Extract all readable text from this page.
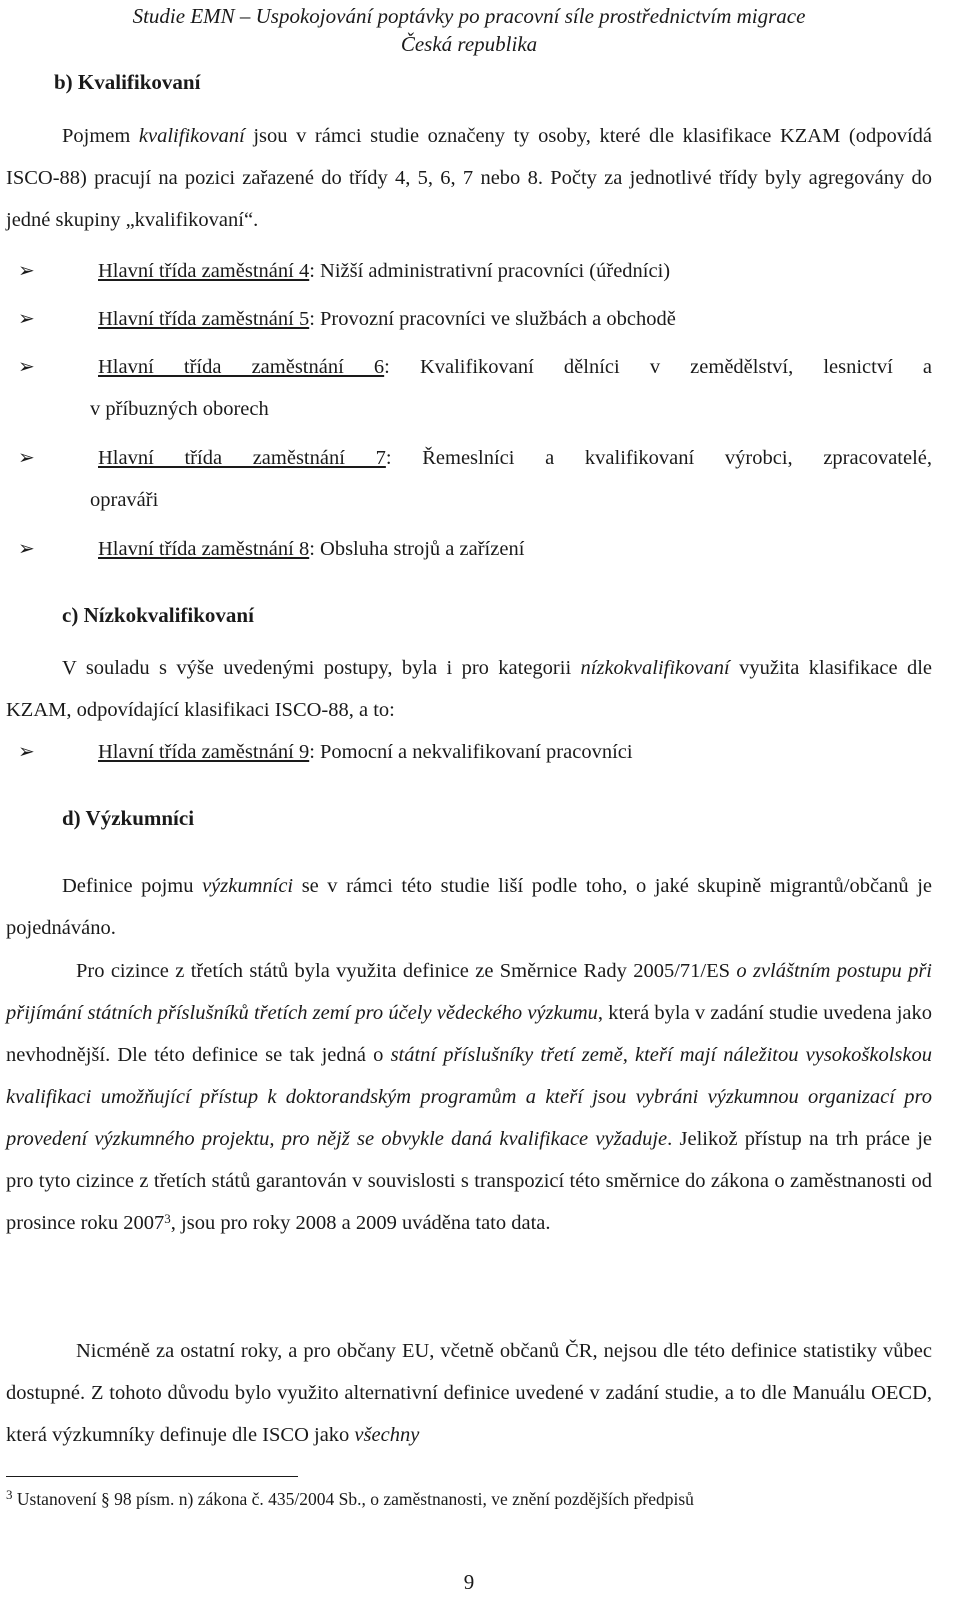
Studie EMN – Uspokojování poptávky po pracovní síle prostřednictvím migrace
Česká republika
b) Kvalifikovaní

Pojmem kvalifikovaní jsou v rámci studie označeny ty osoby, které dle klasifikace KZAM (odpovídá ISCO-88) pracují na pozici zařazené do třídy 4, 5, 6, 7 nebo 8. Počty za jednotlivé třídy byly agregovány do jedné skupiny „kvalifikovaní“.

➢	Hlavní třída zaměstnání 4: Nižší administrativní pracovníci (úředníci)
➢	Hlavní třída zaměstnání 5: Provozní pracovníci ve službách a obchodě
➢	Hlavní třída zaměstnání 6: Kvalifikovaní dělníci v zemědělství, lesnictví a
v příbuzných oborech
➢	Hlavní třída zaměstnání 7: Řemeslníci a kvalifikovaní výrobci, zpracovatelé,
opraváři
➢	Hlavní třída zaměstnání 8: Obsluha strojů a zařízení
c) Nízkokvalifikovaní

V souladu s výše uvedenými postupy, byla i pro kategorii nízkokvalifikovaní využita klasifikace dle KZAM, odpovídající klasifikaci ISCO-88, a to:

➢	Hlavní třída zaměstnání 9: Pomocní a nekvalifikovaní pracovníci
d) Výzkumníci

Definice pojmu výzkumníci se v rámci této studie liší podle toho, o jaké skupině migrantů/občanů je pojednáváno.

Pro cizince z třetích států byla využita definice ze Směrnice Rady 2005/71/ES o zvláštním postupu při přijímání státních příslušníků třetích zemí pro účely vědeckého výzkumu, která byla v zadání studie uvedena jako nevhodnější. Dle této definice se tak jedná o státní příslušníky třetí země, kteří mají náležitou vysokoškolskou kvalifikaci umožňující přístup k doktorandským programům a kteří jsou vybráni výzkumnou organizací pro provedení výzkumného projektu, pro nějž se obvykle daná kvalifikace vyžaduje. Jelikož přístup na trh práce je pro tyto cizince z třetích států garantován v souvislosti s transpozicí této směrnice do zákona o zaměstnanosti od prosince roku 2007$^3$, jsou pro roky 2008 a 2009 uváděna tato data.

Nicméně za ostatní roky, a pro občany EU, včetně občanů ČR, nejsou dle této definice statistiky vůbec dostupné. Z tohoto důvodu bylo využito alternativní definice uvedené v zadání studie, a to dle Manuálu OECD, která výzkumníky definuje dle ISCO jako všechny

$^3$ Ustanovení § 98 písm. n) zákona č. 435/2004 Sb., o zaměstnanosti, ve znění pozdějších předpisů
9
